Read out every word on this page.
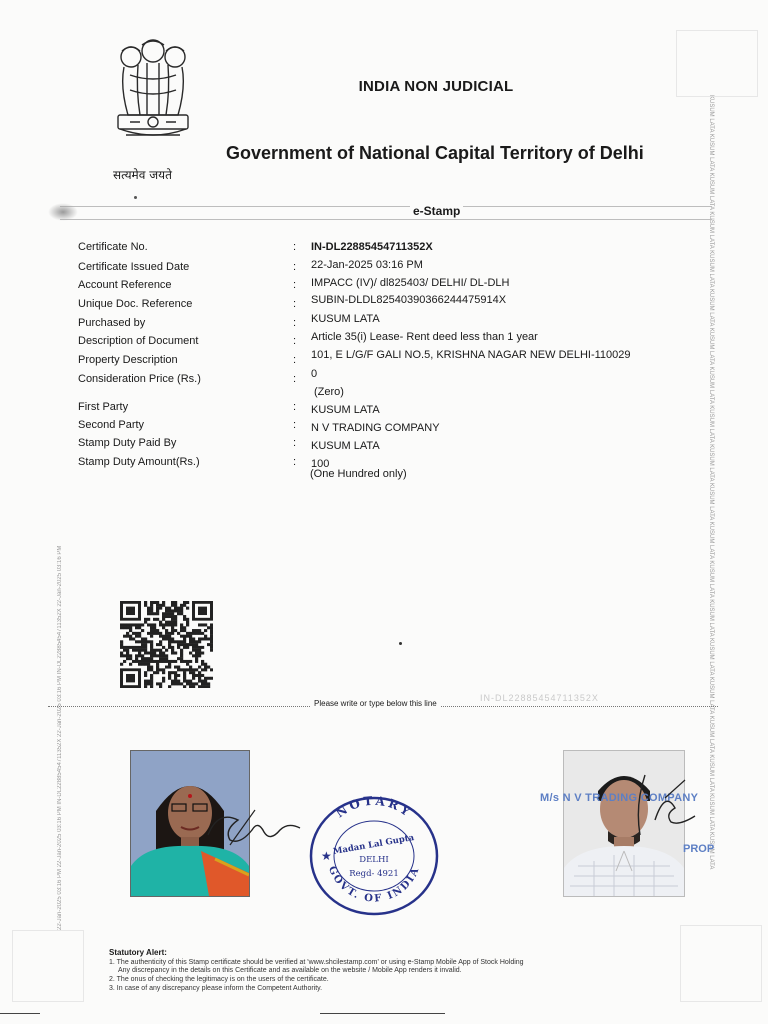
22-Jan-2025 03:16 PM 22-Jan-2025 03:16 PM IN-DL22885454711352X 22-Jan-2025 03:16 PM IN-DL22885454711352X 22-Jan-2025 03:16 PM	KUSUM LATA KUSUM LATA KUSUM LATA KUSUM LATA KUSUM LATA KUSUM LATA KUSUM LATA KUSUM LATA KUSUM LATA KUSUM LATA KUSUM LATA KUSUM LATA KUSUM LATA KUSUM LATA KUSUM LATA KUSUM LATA KUSUM LATA KUSUM LATA KUSUM LATA KUSUM LATA
सत्यमेव जयते
INDIA NON JUDICIAL
Government of National Capital Territory of Delhi
e-Stamp
Certificate No.	: IN-DL22885454711352X
Certificate Issued Date	: 22-Jan-2025 03:16 PM
Account Reference	: IMPACC (IV)/ dl825403/ DELHI/ DL-DLH
Unique Doc. Reference	: SUBIN-DLDL82540390366244475914X
Purchased by	: KUSUM LATA
Description of Document	: Article 35(i) Lease- Rent deed less than 1 year
Property Description	: 101, E L/G/F GALI NO.5, KRISHNA NAGAR NEW DELHI-110029
Consideration Price (Rs.)	: 0
(Zero)
First Party	: KUSUM LATA
Second Party	: N V TRADING COMPANY
Stamp Duty Paid By	: KUSUM LATA
Stamp Duty Amount(Rs.)	: 100
(One Hundred only)
IN-DL22885454711352X
Please write or type below this line
NOTARY
GOVT. OF INDIA
Madan Lal Gupta
DELHI
Regd- 4921
★
M/s N V TRADING COMPANY
PROP
Statutory Alert:
1. The authenticity of this Stamp certificate should be verified at 'www.shcilestamp.com' or using e-Stamp Mobile App of Stock Holding
Any discrepancy in the details on this Certificate and as available on the website / Mobile App renders it invalid.
2. The onus of checking the legitimacy is on the users of the certificate.
3. In case of any discrepancy please inform the Competent Authority.
